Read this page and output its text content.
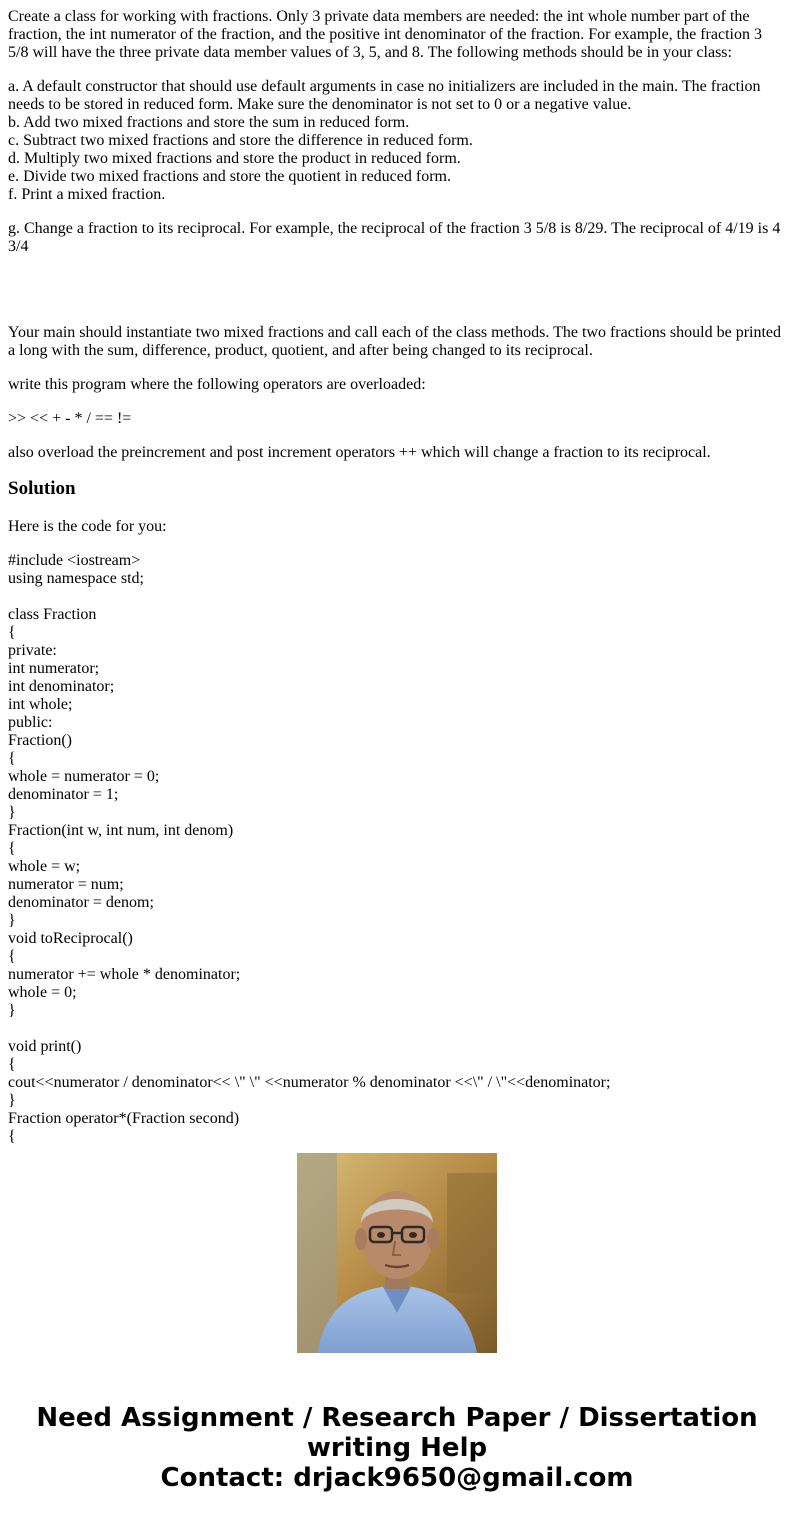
Create a class for working with fractions. Only 3 private data members are needed: the int whole number part of the fraction, the int numerator of the fraction, and the positive int denominator of the fraction. For example, the fraction 3 5/8 will have the three private data member values of 3, 5, and 8. The following methods should be in your class:

a. A default constructor that should use default arguments in case no initializers are included in the main. The fraction needs to be stored in reduced form. Make sure the denominator is not set to 0 or a negative value.
b. Add two mixed fractions and store the sum in reduced form.
c. Subtract two mixed fractions and store the difference in reduced form.
d. Multiply two mixed fractions and store the product in reduced form.
e. Divide two mixed fractions and store the quotient in reduced form.
f. Print a mixed fraction.

g. Change a fraction to its reciprocal. For example, the reciprocal of the fraction 3 5/8 is 8/29. The reciprocal of 4/19 is 4 3/4

Your main should instantiate two mixed fractions and call each of the class methods. The two fractions should be printed a long with the sum, difference, product, quotient, and after being changed to its reciprocal.

write this program where the following operators are overloaded:

>> << + - * / == !=

also overload the preincrement and post increment operators ++ which will change a fraction to its reciprocal.

Solution

Here is the code for you:

#include <iostream>
using namespace std;
class Fraction
{
private:
int numerator;
int denominator;
int whole;
public:
Fraction()
{
whole = numerator = 0;
denominator = 1;
}
Fraction(int w, int num, int denom)
{
whole = w;
numerator = num;
denominator = denom;
}
void toReciprocal()
{
numerator += whole * denominator;
whole = 0;
}
void print()
{
cout<<numerator / denominator<< \" \" <<numerator % denominator <<\" / \"<<denominator;
}
Fraction operator*(Fraction second)
{
Need Assignment / Research Paper / Dissertation
writing Help
Contact: drjack9650@gmail.com
